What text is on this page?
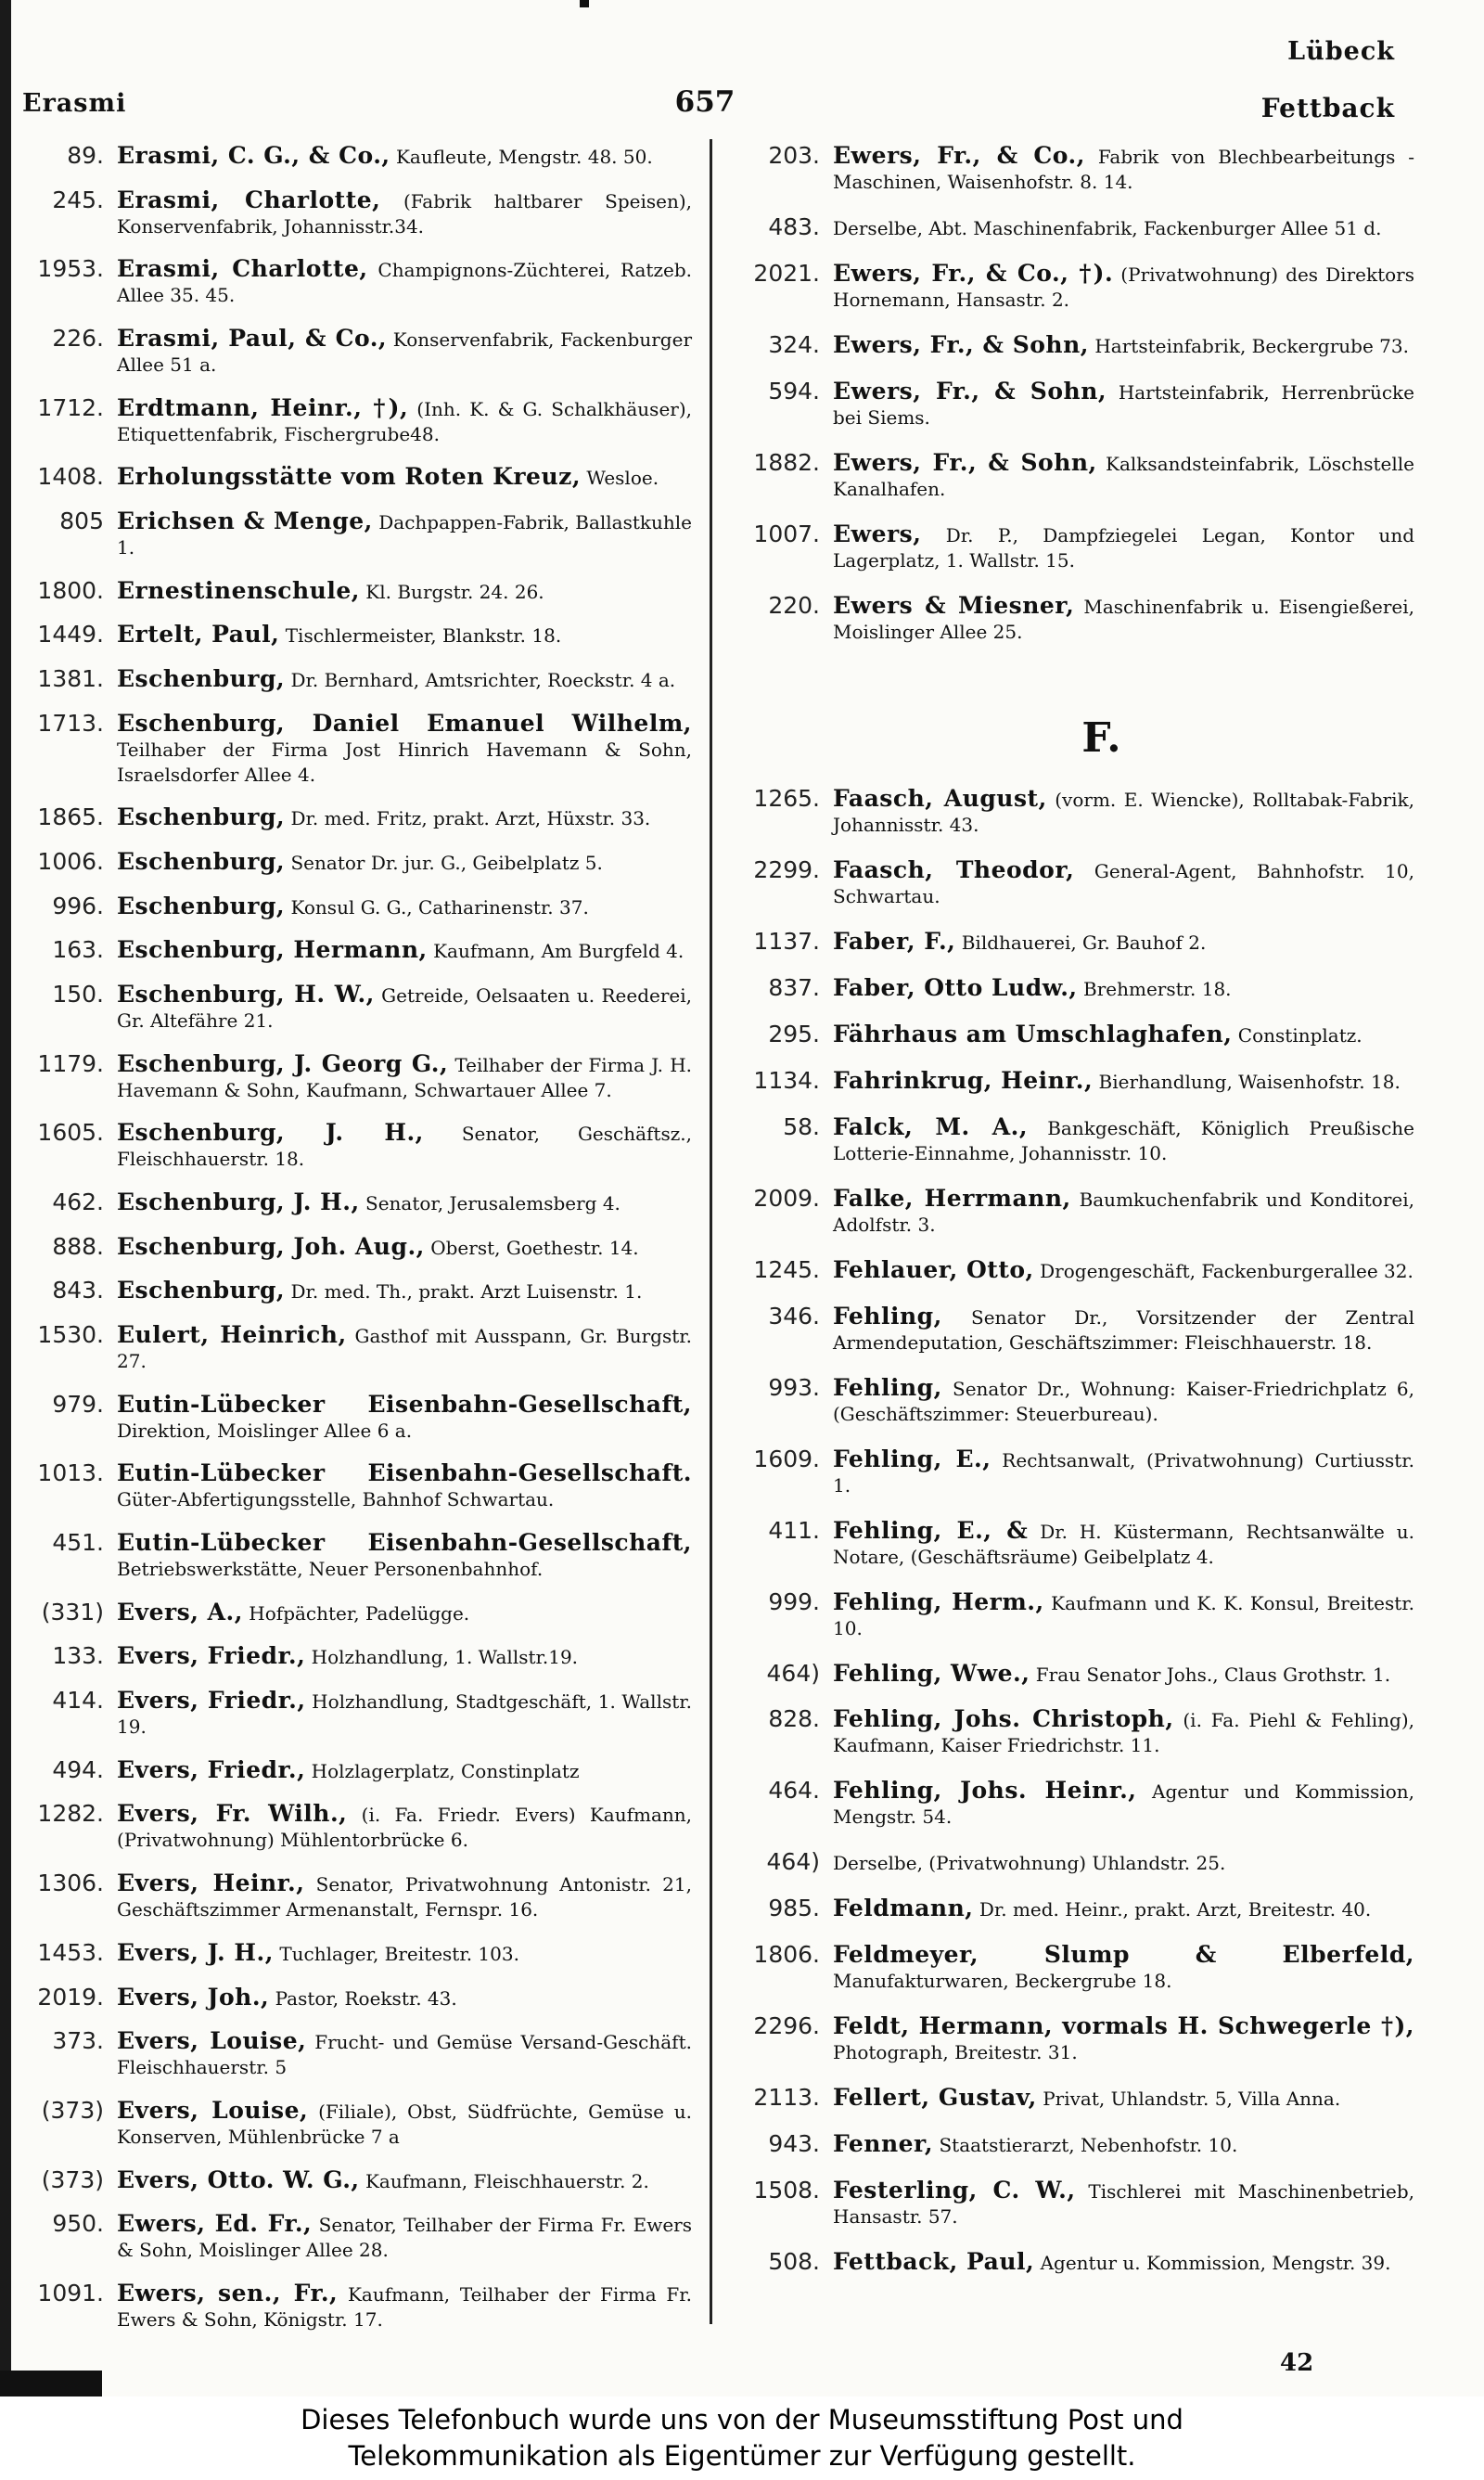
Erasmi	657
Lübeck
Fettback
89. Erasmi, C. G., & Co., Kaufleute, Mengstr. 48. 50.
245. Erasmi, Charlotte, (Fabrik haltbarer Speisen), Konservenfabrik, Johannisstr.34.
1953. Erasmi, Charlotte, Champignons-Züchterei, Ratzeb. Allee 35. 45.
226. Erasmi, Paul, & Co., Konservenfabrik, Fackenburger Allee 51 a.
1712. Erdtmann, Heinr., †), (Inh. K. & G. Schalkhäuser), Etiquettenfabrik, Fischergrube48.
1408. Erholungsstätte vom Roten Kreuz, Wesloe.
805 Erichsen & Menge, Dachpappen-Fabrik, Ballastkuhle 1.
1800. Ernestinenschule, Kl. Burgstr. 24. 26.
1449. Ertelt, Paul, Tischlermeister, Blankstr. 18.
1381. Eschenburg, Dr. Bernhard, Amtsrichter, Roeckstr. 4 a.
1713. Eschenburg, Daniel Emanuel Wilhelm, Teilhaber der Firma Jost Hinrich Havemann & Sohn, Israelsdorfer Allee 4.
1865. Eschenburg, Dr. med. Fritz, prakt. Arzt, Hüxstr. 33.
1006. Eschenburg, Senator Dr. jur. G., Geibelplatz 5.
996. Eschenburg, Konsul G. G., Catharinenstr. 37.
163. Eschenburg, Hermann, Kaufmann, Am Burgfeld 4.
150. Eschenburg, H. W., Getreide, Oelsaaten u. Reederei, Gr. Altefähre 21.
1179. Eschenburg, J. Georg G., Teilhaber der Firma J. H. Havemann & Sohn, Kaufmann, Schwartauer Allee 7.
1605. Eschenburg, J. H., Senator, Geschäftsz., Fleischhauerstr. 18.
462. Eschenburg, J. H., Senator, Jerusalemsberg 4.
888. Eschenburg, Joh. Aug., Oberst, Goethestr. 14.
843. Eschenburg, Dr. med. Th., prakt. Arzt Luisenstr. 1.
1530. Eulert, Heinrich, Gasthof mit Ausspann, Gr. Burgstr. 27.
979. Eutin-Lübecker Eisenbahn-Gesellschaft, Direktion, Moislinger Allee 6 a.
1013. Eutin-Lübecker Eisenbahn-Gesellschaft. Güter-Abfertigungsstelle, Bahnhof Schwartau.
451. Eutin-Lübecker Eisenbahn-Gesellschaft, Betriebswerkstätte, Neuer Personenbahnhof.
(331) Evers, A., Hofpächter, Padelügge.
133. Evers, Friedr., Holzhandlung, 1. Wallstr.19.
414. Evers, Friedr., Holzhandlung, Stadtgeschäft, 1. Wallstr. 19.
494. Evers, Friedr., Holzlagerplatz, Constinplatz
1282. Evers, Fr. Wilh., (i. Fa. Friedr. Evers) Kaufmann, (Privatwohnung) Mühlentorbrücke 6.
1306. Evers, Heinr., Senator, Privatwohnung Antonistr. 21, Geschäftszimmer Armenanstalt, Fernspr. 16.
1453. Evers, J. H., Tuchlager, Breitestr. 103.
2019. Evers, Joh., Pastor, Roekstr. 43.
373. Evers, Louise, Frucht- und Gemüse Versand-Geschäft. Fleischhauerstr. 5
(373) Evers, Louise, (Filiale), Obst, Südfrüchte, Gemüse u. Konserven, Mühlenbrücke 7 a
(373) Evers, Otto. W. G., Kaufmann, Fleischhauerstr. 2.
950. Ewers, Ed. Fr., Senator, Teilhaber der Firma Fr. Ewers & Sohn, Moislinger Allee 28.
1091. Ewers, sen., Fr., Kaufmann, Teilhaber der Firma Fr. Ewers & Sohn, Königstr. 17.
203. Ewers, Fr., & Co., Fabrik von Blechbearbeitungs - Maschinen, Waisenhofstr. 8. 14.
483. Derselbe, Abt. Maschinenfabrik, Fackenburger Allee 51 d.
2021. Ewers, Fr., & Co., †). (Privatwohnung) des Direktors Hornemann, Hansastr. 2.
324. Ewers, Fr., & Sohn, Hartsteinfabrik, Beckergrube 73.
594. Ewers, Fr., & Sohn, Hartsteinfabrik, Herrenbrücke bei Siems.
1882. Ewers, Fr., & Sohn, Kalksandsteinfabrik, Löschstelle Kanalhafen.
1007. Ewers, Dr. P., Dampfziegelei Legan, Kontor und Lagerplatz, 1. Wallstr. 15.
220. Ewers & Miesner, Maschinenfabrik u. Eisengießerei, Moislinger Allee 25.
F.
1265. Faasch, August, (vorm. E. Wiencke), Rolltabak-Fabrik, Johannisstr. 43.
2299. Faasch, Theodor, General-Agent, Bahnhofstr. 10, Schwartau.
1137. Faber, F., Bildhauerei, Gr. Bauhof 2.
837. Faber, Otto Ludw., Brehmerstr. 18.
295. Fährhaus am Umschlaghafen, Constinplatz.
1134. Fahrinkrug, Heinr., Bierhandlung, Waisenhofstr. 18.
58. Falck, M. A., Bankgeschäft, Königlich Preußische Lotterie-Einnahme, Johannisstr. 10.
2009. Falke, Herrmann, Baumkuchenfabrik und Konditorei, Adolfstr. 3.
1245. Fehlauer, Otto, Drogengeschäft, Fackenburgerallee 32.
346. Fehling, Senator Dr., Vorsitzender der Zentral Armendeputation, Geschäftszimmer: Fleischhauerstr. 18.
993. Fehling, Senator Dr., Wohnung: Kaiser-Friedrichplatz 6, (Geschäftszimmer: Steuerbureau).
1609. Fehling, E., Rechtsanwalt, (Privatwohnung) Curtiusstr. 1.
411. Fehling, E., & Dr. H. Küstermann, Rechtsanwälte u. Notare, (Geschäftsräume) Geibelplatz 4.
999. Fehling, Herm., Kaufmann und K. K. Konsul, Breitestr. 10.
464) Fehling, Wwe., Frau Senator Johs., Claus Grothstr. 1.
828. Fehling, Johs. Christoph, (i. Fa. Piehl & Fehling), Kaufmann, Kaiser Friedrichstr. 11.
464. Fehling, Johs. Heinr., Agentur und Kommission, Mengstr. 54.
464) Derselbe, (Privatwohnung) Uhlandstr. 25.
985. Feldmann, Dr. med. Heinr., prakt. Arzt, Breitestr. 40.
1806. Feldmeyer, Slump & Elberfeld, Manufakturwaren, Beckergrube 18.
2296. Feldt, Hermann, vormals H. Schwegerle †), Photograph, Breitestr. 31.
2113. Fellert, Gustav, Privat, Uhlandstr. 5, Villa Anna.
943. Fenner, Staatstierarzt, Nebenhofstr. 10.
1508. Festerling, C. W., Tischlerei mit Maschinenbetrieb, Hansastr. 57.
508. Fettback, Paul, Agentur u. Kommission, Mengstr. 39.
42
Dieses Telefonbuch wurde uns von der Museumsstiftung Post und Telekommunikation als Eigentümer zur Verfügung gestellt.
